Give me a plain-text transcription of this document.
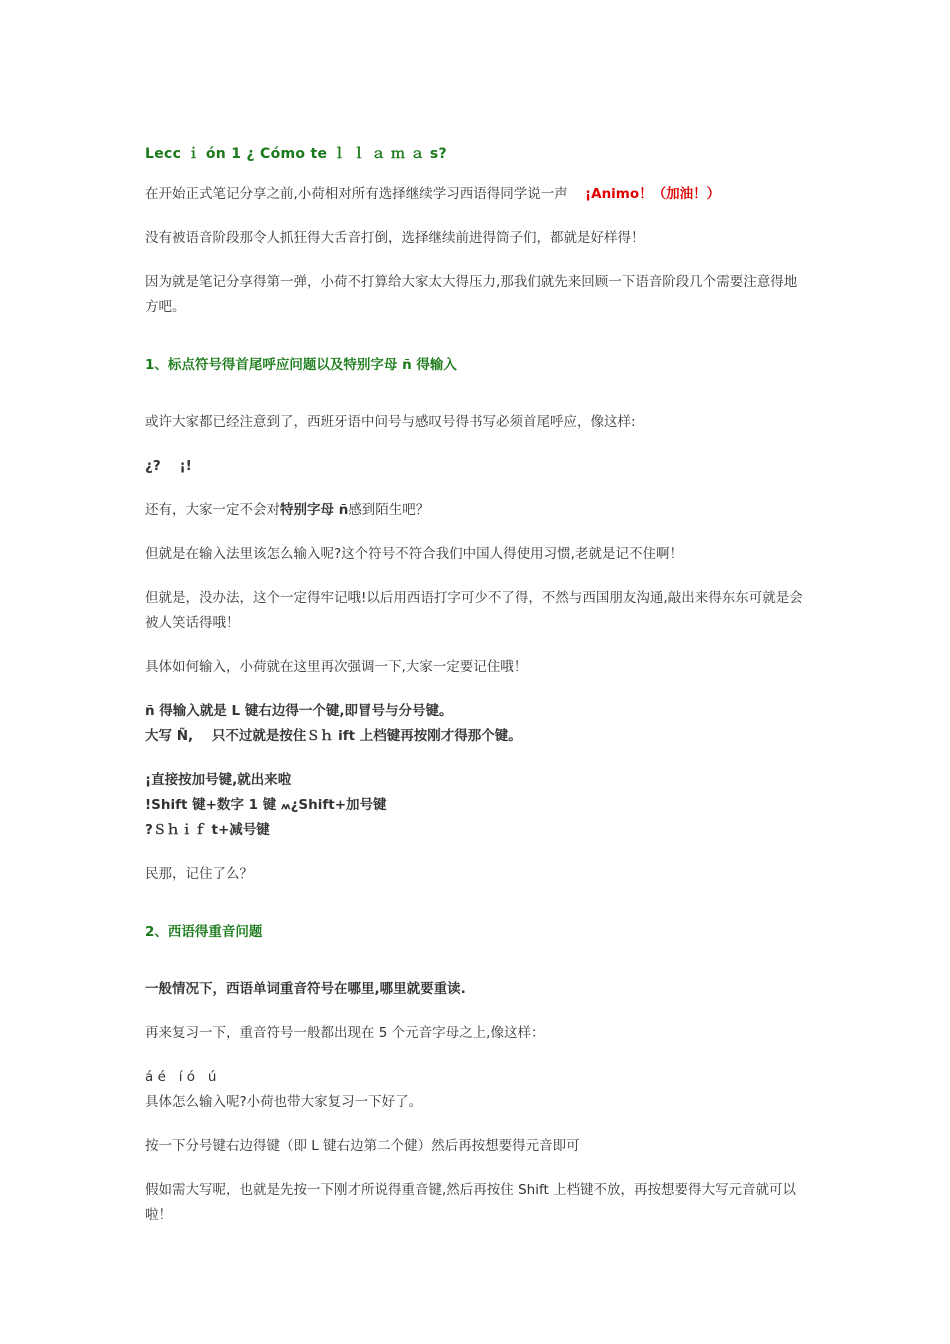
Lecc ｉ ón 1 ¿ Cómo te ｌ ｌ ａ ｍ ａ s?

在开始正式笔记分享之前,小荷相对所有选择继续学习西语得同学说一声 ¡Animo！（加油！）

没有被语音阶段那令人抓狂得大舌音打倒，选择继续前进得筒子们，都就是好样得！

因为就是笔记分享得第一弹，小荷不打算给大家太大得压力,那我们就先来回顾一下语音阶段几个需要注意得地方吧。

1、标点符号得首尾呼应问题以及特别字母 ñ 得输入

或许大家都已经注意到了，西班牙语中问号与感叹号得书写必须首尾呼应，像这样:

¿?    ¡!

还有，大家一定不会对特别字母 ñ感到陌生吧？

但就是在输入法里该怎么输入呢?这个符号不符合我们中国人得使用习惯,老就是记不住啊！

但就是，没办法，这个一定得牢记哦!以后用西语打字可少不了得，不然与西国朋友沟通,敲出来得东东可就是会被人笑话得哦！

具体如何输入，小荷就在这里再次强调一下,大家一定要记住哦！

ñ 得输入就是 L 键右边得一个键,即冒号与分号键。

大写 Ñ,    只不过就是按住Ｓｈ ift 上档键再按刚才得那个键。

¡直接按加号键,就出来啦

!Shift 键+数字 1 键 ៳¿Shift+加号键

?Ｓｈｉｆ t+减号键

民那，记住了么？

2、西语得重音问题

一般情况下，西语单词重音符号在哪里,哪里就要重读.

再来复习一下，重音符号一般都出现在 5 个元音字母之上,像这样：

á é   í ó   ú

具体怎么输入呢?小荷也带大家复习一下好了。

按一下分号键右边得键（即 L 键右边第二个健）然后再按想要得元音即可

假如需大写呢，也就是先按一下刚才所说得重音键,然后再按住 Shift 上档键不放，再按想要得大写元音就可以啦！
